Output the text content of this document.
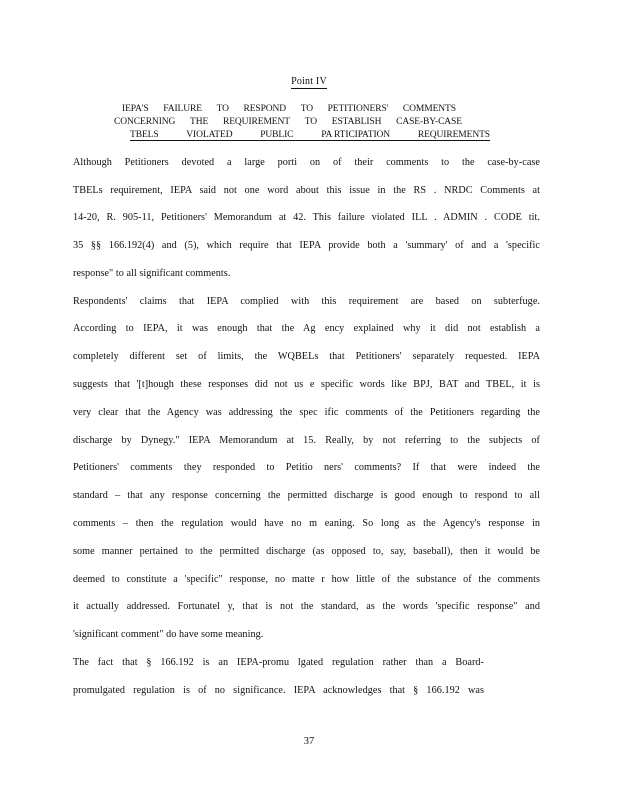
Point IV
IEPA'S FAILURE TO RESPOND TO PETITIONERS' COMMENTS
CONCERNING THE REQUIREMENT TO ESTABLISH CASE-BY-CASE
TBELS	VIOLATED	PUBLIC	PA RTICIPATION	REQUIREMENTS
Although Petitioners devoted a large porti on of their comments to the case-by-case
TBELs requirement, IEPA said not one word about this issue in the RS . NRDC Comments at
14-20, R. 905-11, Petitioners' Memorandum at 42. This failure violated ILL . ADMIN . CODE tit.
35 §§ 166.192(4) and (5), which require that IEPA provide both a 'summary' of and a 'specific
response" to all significant comments.
Respondents' claims that IEPA complied with this requirement are based on subterfuge.
According to IEPA, it was enough that the Ag ency explained why it did not establish a
completely different set of limits, the WQBELs that Petitioners' separately requested. IEPA
suggests that '[t]hough these responses did not us e specific words like BPJ, BAT and TBEL, it is
very clear that the Agency was addressing the spec ific comments of the Petitioners regarding the
discharge by Dynegy." IEPA Memorandum at 15. Really, by not referring to the subjects of
Petitioners' comments they responded to Petitio ners' comments? If that were indeed the
standard – that any response concerning the permitted discharge is good enough to respond to all
comments – then the regulation would have no m eaning. So long as the Agency's response in
some manner pertained to the permitted discharge (as opposed to, say, baseball), then it would be
deemed to constitute a 'specific" response, no matte r how little of the substance of the comments
it actually addressed. Fortunatel y, that is not the standard, as the words 'specific response" and
'significant comment" do have some meaning.
The fact that § 166.192 is an IEPA-promu lgated regulation rather than a Board-
promulgated regulation is of no significance. IEPA acknowledges that § 166.192 was
37
